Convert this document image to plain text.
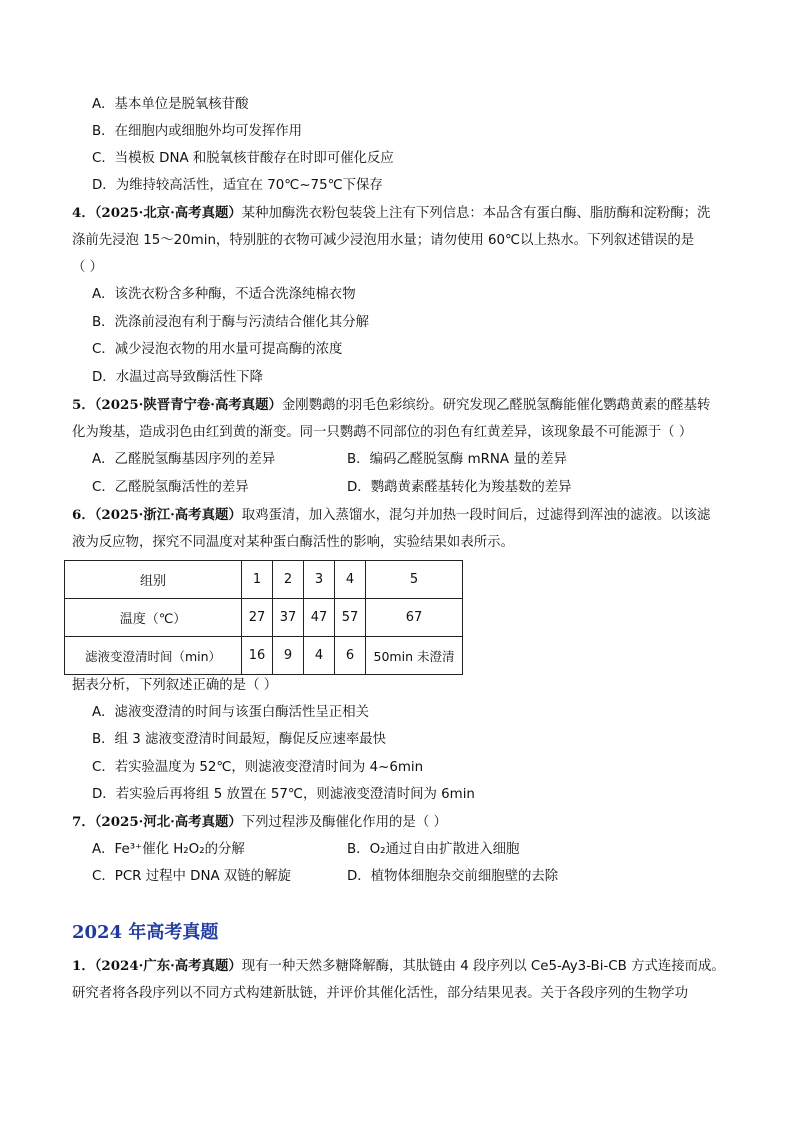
A．基本单位是脱氧核苷酸
B．在细胞内或细胞外均可发挥作用
C．当模板 DNA 和脱氧核苷酸存在时即可催化反应
D．为维持较高活性，适宜在 70℃~75℃下保存
4．（2025·北京·高考真题）某种加酶洗衣粉包装袋上注有下列信息：本品含有蛋白酶、脂肪酶和淀粉酶；洗
涤前先浸泡 15～20min，特别脏的衣物可减少浸泡用水量；请勿使用 60℃以上热水。下列叙述错误的是
（ ）
A．该洗衣粉含多种酶，不适合洗涤纯棉衣物
B．洗涤前浸泡有利于酶与污渍结合催化其分解
C．减少浸泡衣物的用水量可提高酶的浓度
D．水温过高导致酶活性下降
5．（2025·陕晋青宁卷·高考真题）金刚鹦鹉的羽毛色彩缤纷。研究发现乙醛脱氢酶能催化鹦鹉黄素的醛基转
化为羧基，造成羽色由红到黄的渐变。同一只鹦鹉不同部位的羽色有红黄差异，该现象最不可能源于（ ）
A．乙醛脱氢酶基因序列的差异	B．编码乙醛脱氢酶 mRNA 量的差异
C．乙醛脱氢酶活性的差异	D．鹦鹉黄素醛基转化为羧基数的差异
6．（2025·浙江·高考真题）取鸡蛋清，加入蒸馏水，混匀并加热一段时间后，过滤得到浑浊的滤液。以该滤
液为反应物，探究不同温度对某种蛋白酶活性的影响，实验结果如表所示。
组别	1	2	3	4	5
温度（℃）	27	37	47	57	67
滤液变澄清时间（min）	16	9	4	6	50min 未澄清
据表分析，下列叙述正确的是（ ）
A．滤液变澄清的时间与该蛋白酶活性呈正相关
B．组 3 滤液变澄清时间最短，酶促反应速率最快
C．若实验温度为 52℃，则滤液变澄清时间为 4~6min
D．若实验后再将组 5 放置在 57℃，则滤液变澄清时间为 6min
7．（2025·河北·高考真题）下列过程涉及酶催化作用的是（ ）
A．Fe³⁺催化 H₂O₂的分解	B．O₂通过自由扩散进入细胞
C．PCR 过程中 DNA 双链的解旋	D．植物体细胞杂交前细胞壁的去除
2024 年高考真题
1．（2024·广东·高考真题）现有一种天然多糖降解酶，其肽链由 4 段序列以 Ce5-Ay3-Bi-CB 方式连接而成。
研究者将各段序列以不同方式构建新肽链，并评价其催化活性，部分结果见表。关于各段序列的生物学功
